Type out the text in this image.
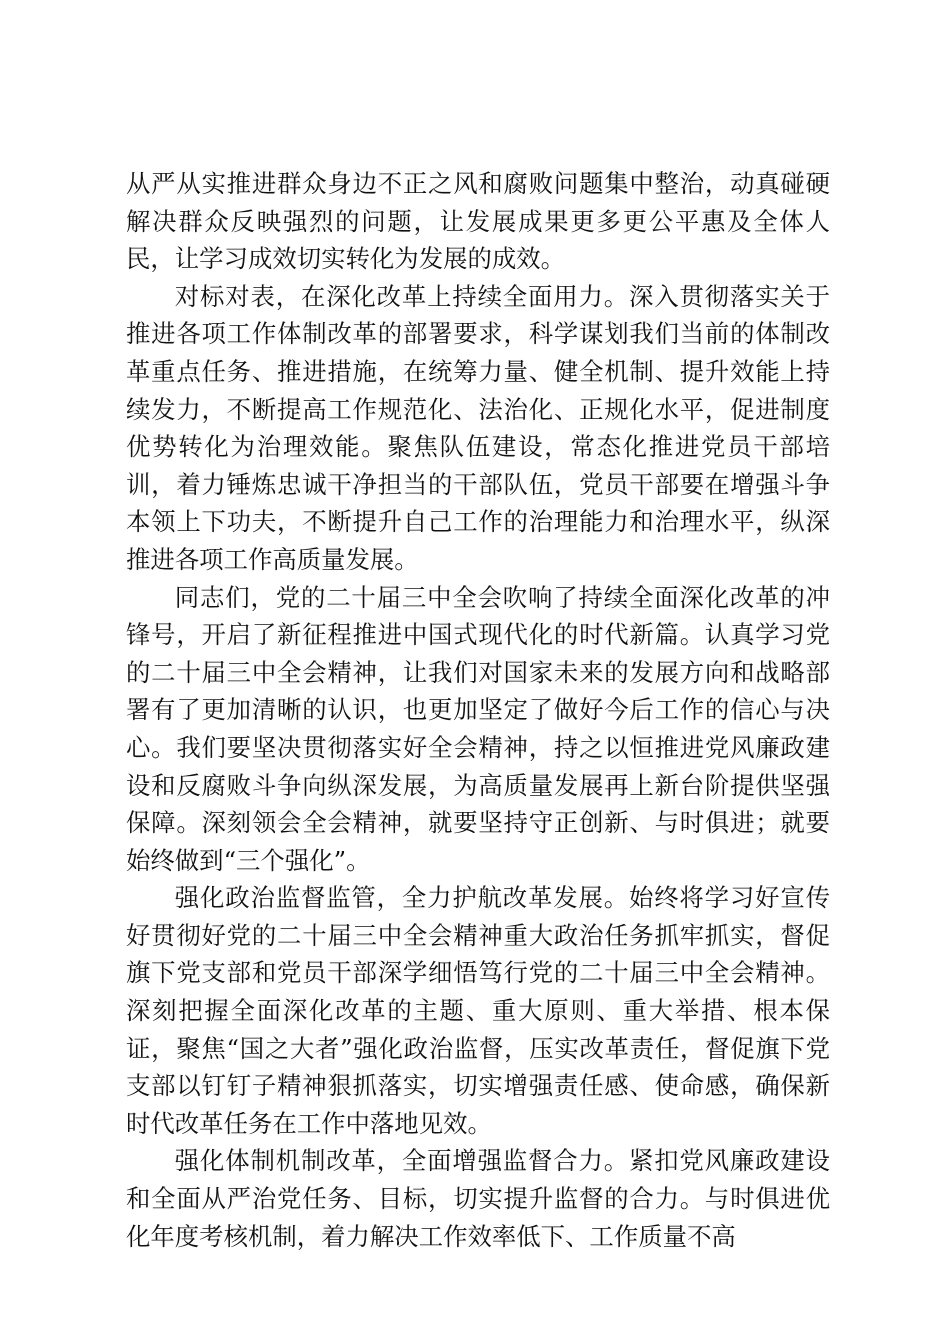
从严从实推进群众身边不正之风和腐败问题集中整治，动真碰硬解决群众反映强烈的问题，让发展成果更多更公平惠及全体人民，让学习成效切实转化为发展的成效。

对标对表，在深化改革上持续全面用力。深入贯彻落实关于推进各项工作体制改革的部署要求，科学谋划我们当前的体制改革重点任务、推进措施，在统筹力量、健全机制、提升效能上持续发力，不断提高工作规范化、法治化、正规化水平，促进制度优势转化为治理效能。聚焦队伍建设，常态化推进党员干部培训，着力锤炼忠诚干净担当的干部队伍，党员干部要在增强斗争本领上下功夫，不断提升自己工作的治理能力和治理水平，纵深推进各项工作高质量发展。

同志们，党的二十届三中全会吹响了持续全面深化改革的冲锋号，开启了新征程推进中国式现代化的时代新篇。认真学习党的二十届三中全会精神，让我们对国家未来的发展方向和战略部署有了更加清晰的认识，也更加坚定了做好今后工作的信心与决心。我们要坚决贯彻落实好全会精神，持之以恒推进党风廉政建设和反腐败斗争向纵深发展，为高质量发展再上新台阶提供坚强保障。深刻领会全会精神，就要坚持守正创新、与时俱进；就要始终做到“三个强化”。

强化政治监督监管，全力护航改革发展。始终将学习好宣传好贯彻好党的二十届三中全会精神重大政治任务抓牢抓实，督促旗下党支部和党员干部深学细悟笃行党的二十届三中全会精神。深刻把握全面深化改革的主题、重大原则、重大举措、根本保证，聚焦“国之大者”强化政治监督，压实改革责任，督促旗下党支部以钉钉子精神狠抓落实，切实增强责任感、使命感，确保新时代改革任务在工作中落地见效。

强化体制机制改革，全面增强监督合力。紧扣党风廉政建设和全面从严治党任务、目标，切实提升监督的合力。与时俱进优化年度考核机制，着力解决工作效率低下、工作质量不高
